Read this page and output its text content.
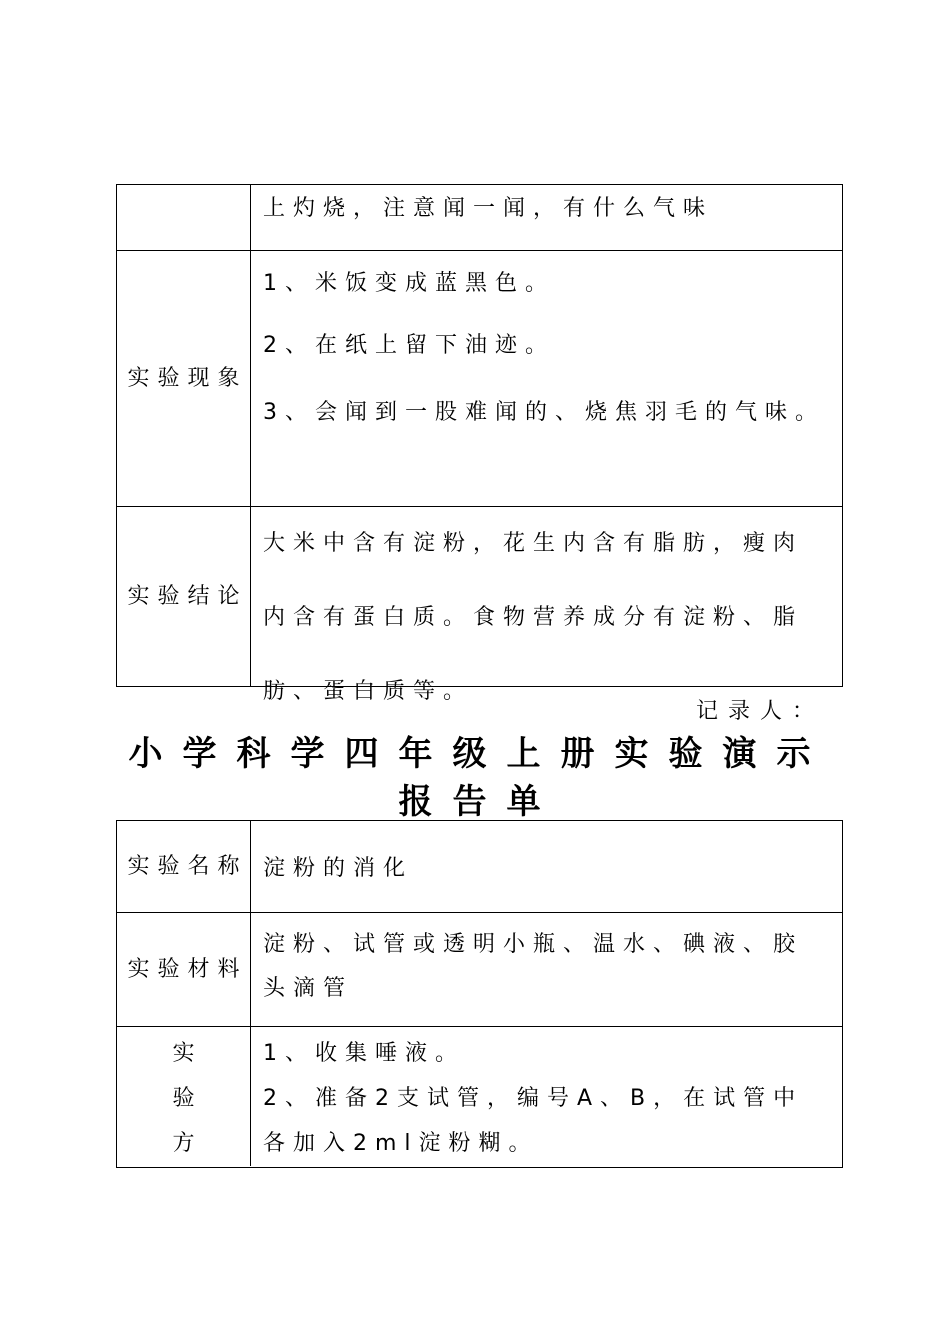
上灼烧，注意闻一闻，有什么气味
实验现象

1、米饭变成蓝黑色。

2、在纸上留下油迹。

3、会闻到一股难闻的、烧焦羽毛的气味。

实验结论

大米中含有淀粉，花生内含有脂肪，瘦肉内含有蛋白质。食物营养成分有淀粉、脂肪、蛋白质等。

记录人：
小学科学四年级上册实验演示报告单
实验名称 淀粉的消化
实验材料
淀粉、试管或透明小瓶、温水、碘液、胶头滴管
实
验
方

1、收集唾液。

2、准备2支试管，编号A、B，在试管中各加入2ml淀粉糊。
